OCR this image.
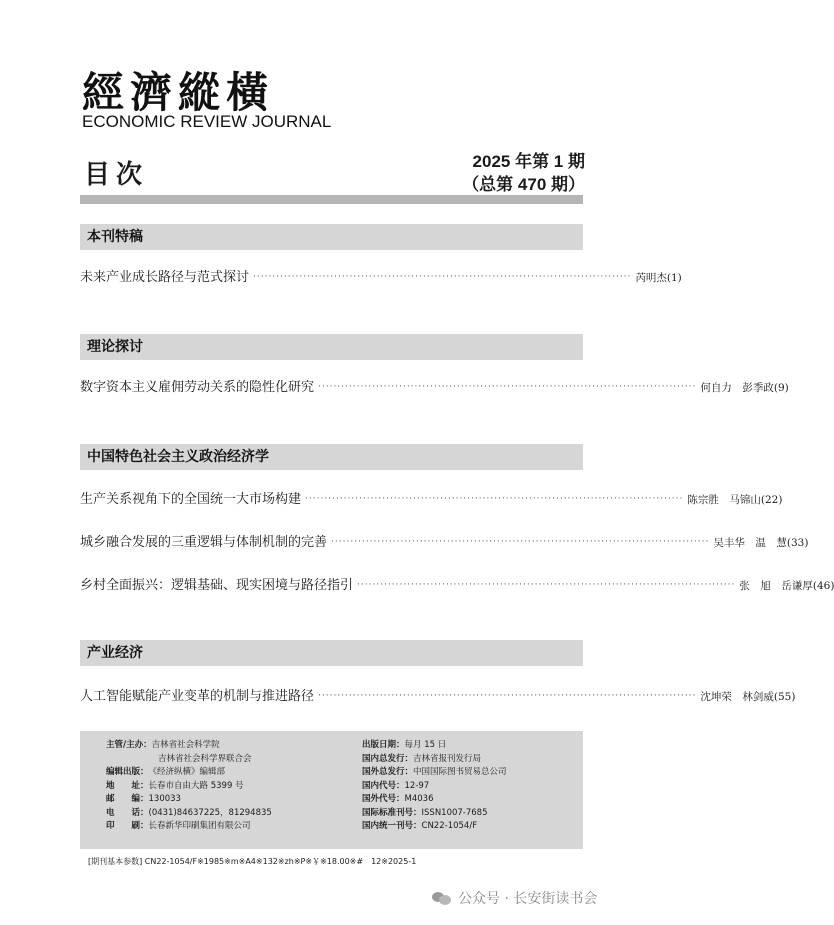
經濟縱橫
ECONOMIC REVIEW JOURNAL
目次	2025 年第 1 期
（总第 470 期）
本刊特稿
未来产业成长路径与范式探讨 ·································································································· 芮明杰(1)
理论探讨
数字资本主义雇佣劳动关系的隐性化研究 ·································································································· 何自力　彭季政(9)
中国特色社会主义政治经济学
生产关系视角下的全国统一大市场构建 ·································································································· 陈宗胜　马锦山(22)
城乡融合发展的三重逻辑与体制机制的完善 ·································································································· 吴丰华　温　慧(33)
乡村全面振兴：逻辑基础、现实困境与路径指引 ·································································································· 张　旭　岳谦厚(46)
产业经济
人工智能赋能产业变革的机制与推进路径 ·································································································· 沈坤荣　林剑威(55)
主管/主办： 吉林省社会科学院
吉林省社会科学界联合会
编辑出版： 《经济纵横》编辑部
地　　址： 长春市自由大路 5399 号
邮　　编： 130033
电　　话： (0431)84637225，81294835
印　　刷： 长春新华印刷集团有限公司
出版日期： 每月 15 日
国内总发行： 吉林省报刊发行局
国外总发行： 中国国际图书贸易总公司
国内代号： 12-97
国外代号： M4036
国际标准刊号： ISSN1007-7685
国内统一刊号： CN22-1054/F
[期刊基本参数] CN22-1054/F※1985※m※A4※132※zh※P※￥※18.00※#　12※2025-1
公众号 · 长安街读书会
